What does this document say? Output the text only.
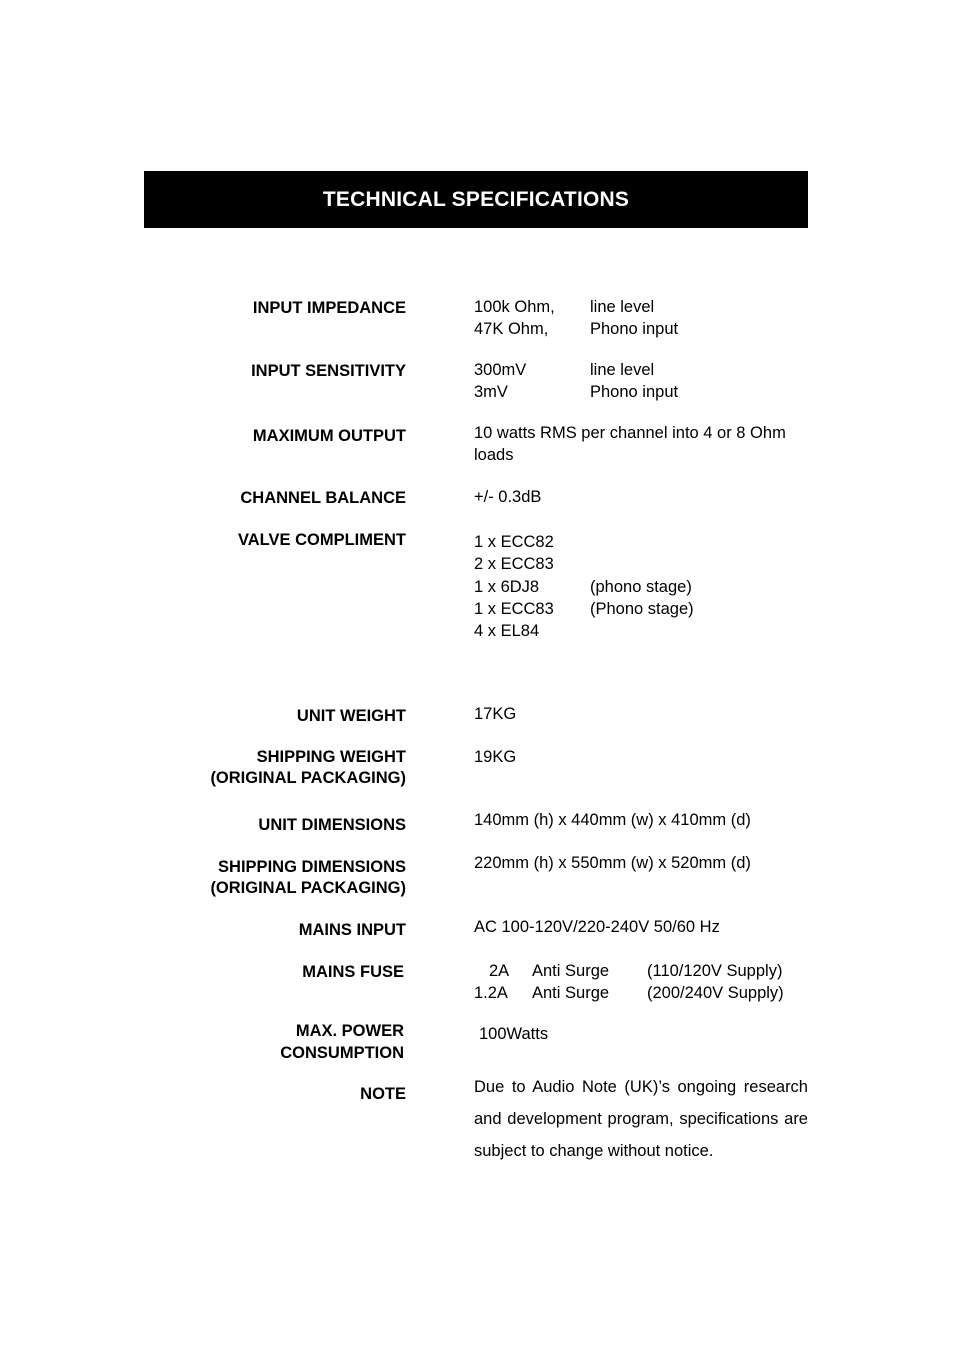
TECHNICAL SPECIFICATIONS
INPUT IMPEDANCE	100k Ohm, line level
47K Ohm,	Phono input
INPUT SENSITIVITY	300mV	line level
3mV	Phono input
MAXIMUM OUTPUT	10 watts RMS per channel into 4 or 8 Ohm
loads
CHANNEL BALANCE	+/- 0.3dB
VALVE COMPLIMENT	1 x ECC82
2 x ECC83
1 x 6DJ8	(phono stage)
1 x ECC83 (Phono stage)
4 x EL84
UNIT WEIGHT	17KG
SHIPPING WEIGHT
(ORIGINAL PACKAGING)
19KG
UNIT DIMENSIONS	140mm (h) x 440mm (w) x 410mm (d)
SHIPPING DIMENSIONS
(ORIGINAL PACKAGING)
220mm (h) x 550mm (w) x 520mm (d)
MAINS INPUT	AC 100-120V/220-240V 50/60 Hz
MAINS FUSE	2A Anti Surge (110/120V Supply)
1.2A Anti Surge (200/240V Supply)
MAX. POWER
CONSUMPTION
100Watts
NOTE	Due to Audio Note (UK)’s ongoing research and development program, specifications are subject to change without notice.
